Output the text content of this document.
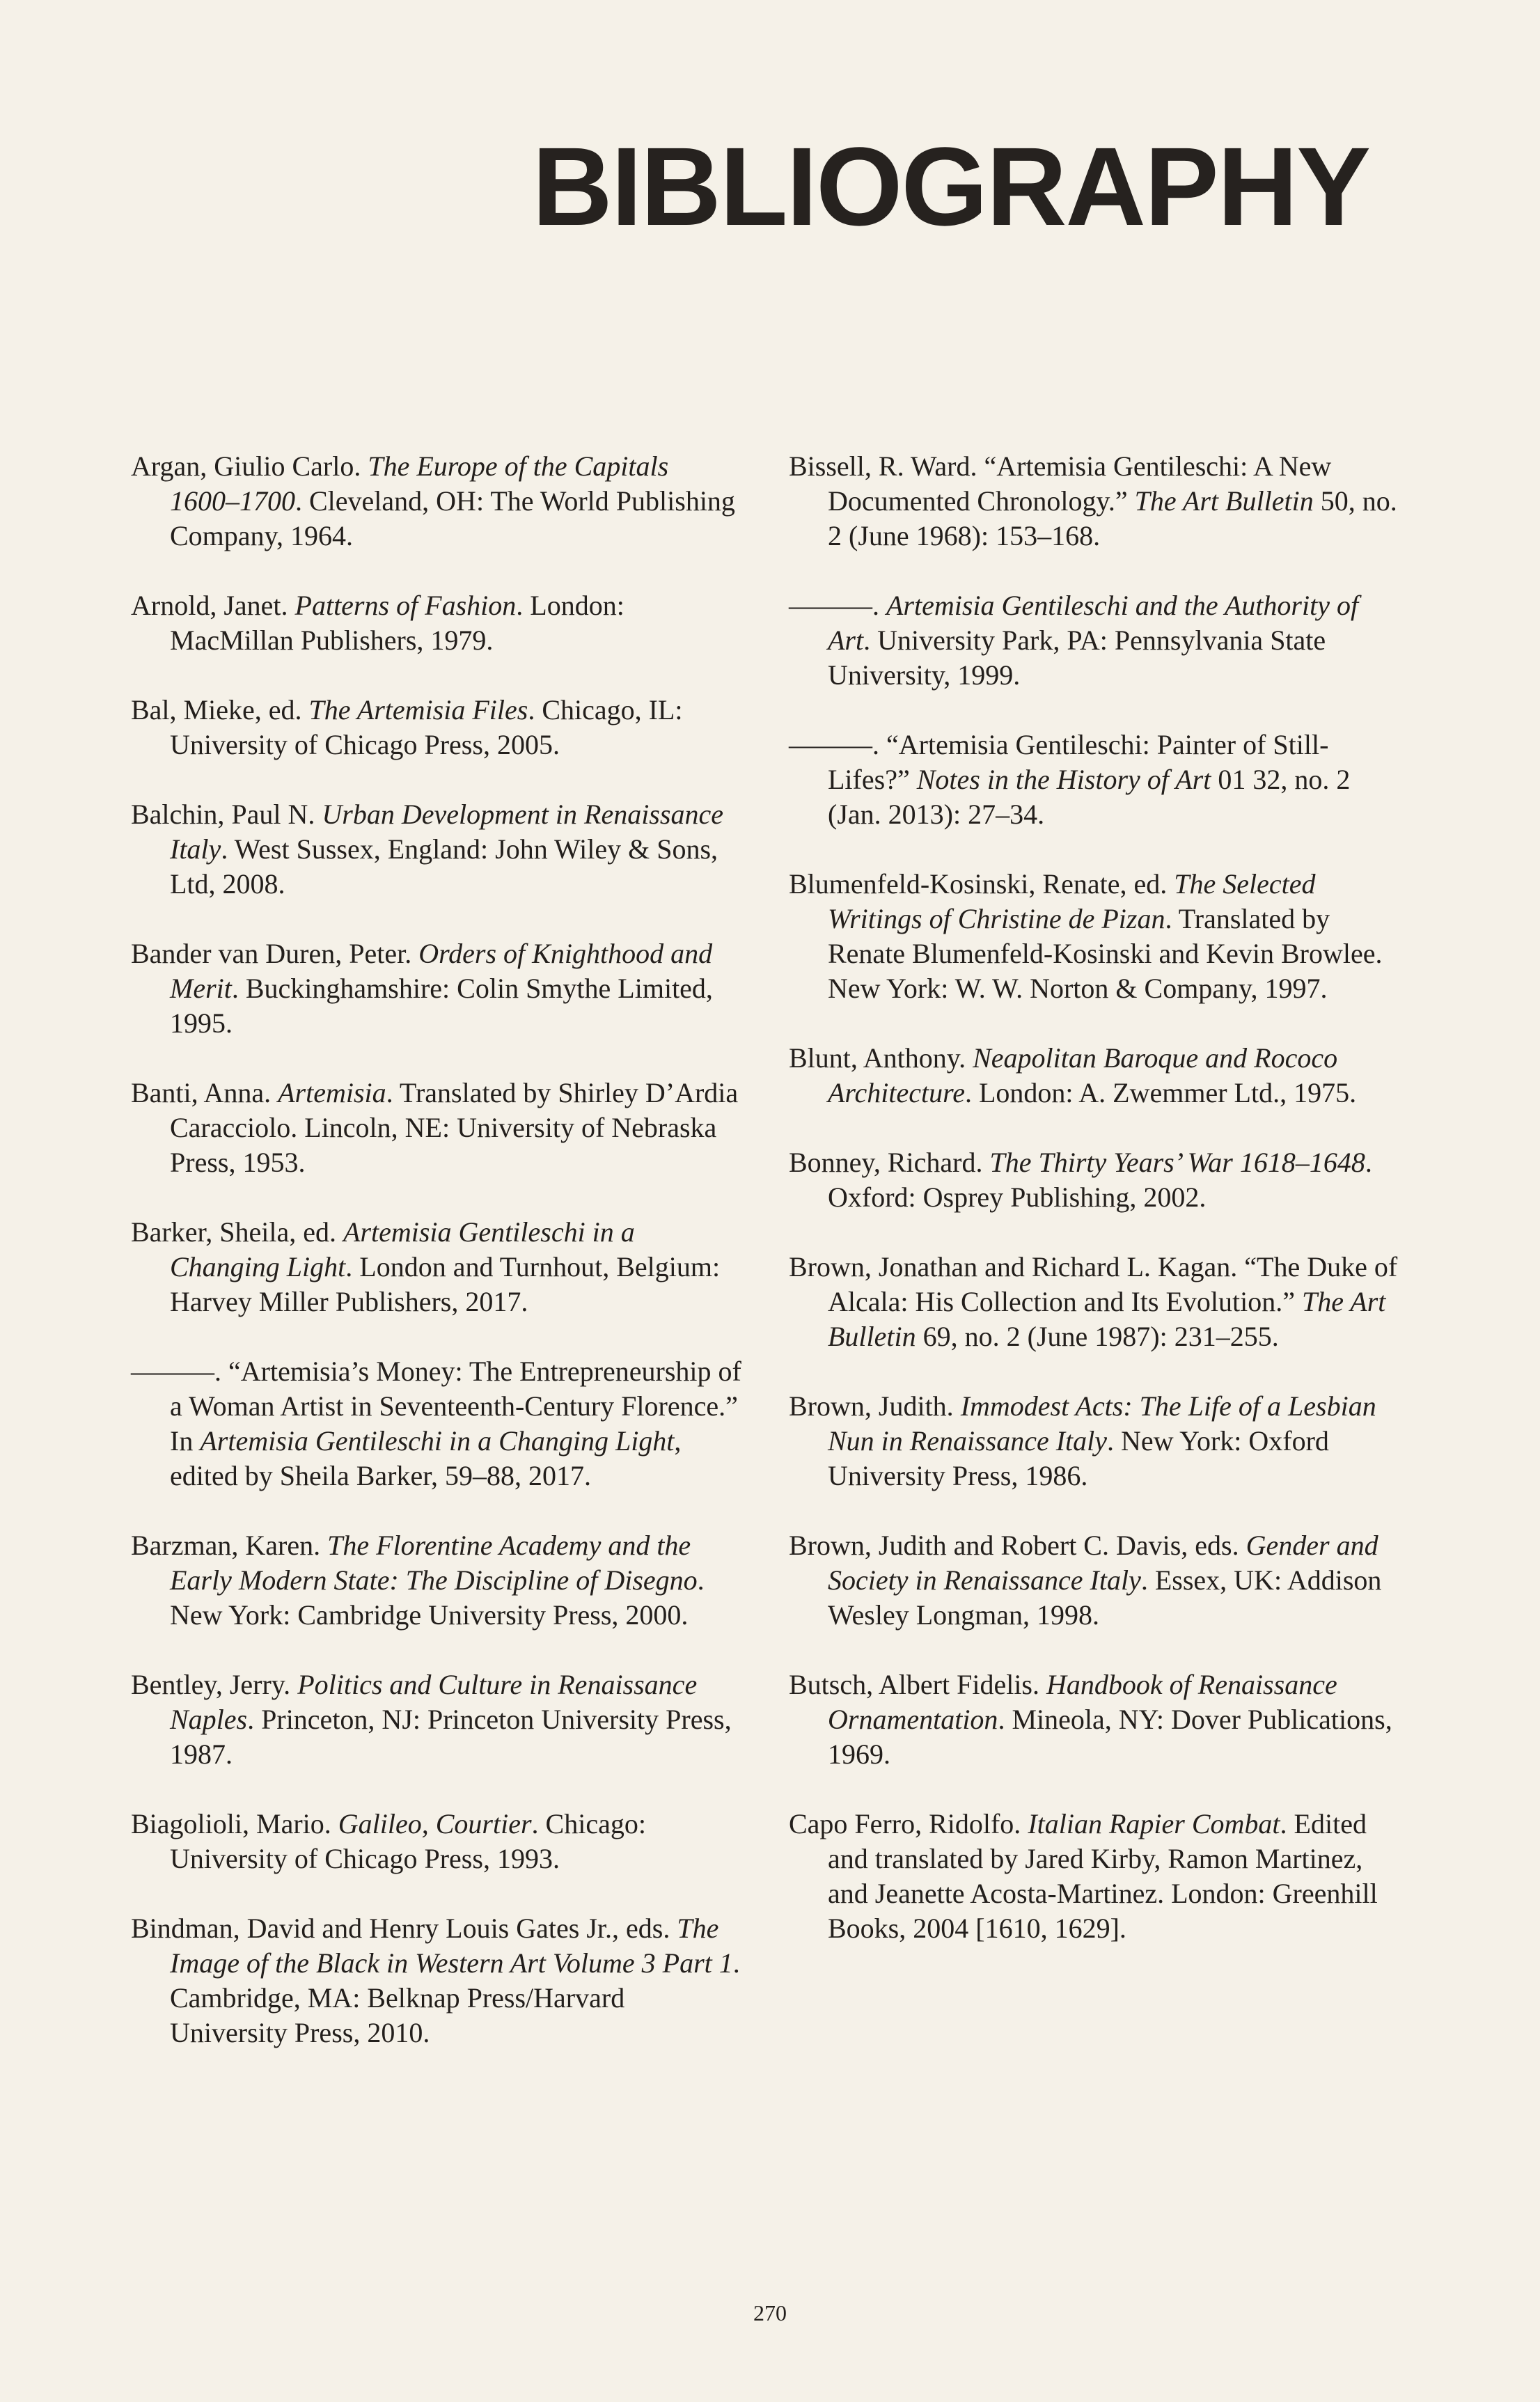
BIBLIOGRAPHY

Argan, Giulio Carlo. The Europe of the Capitals 1600–1700. Cleveland, OH: The World Publishing Company, 1964.

Arnold, Janet. Patterns of Fashion. London: MacMillan Publishers, 1979.

Bal, Mieke, ed. The Artemisia Files. Chicago, IL: University of Chicago Press, 2005.

Balchin, Paul N. Urban Development in Renaissance Italy. West Sussex, England: John Wiley & Sons, Ltd, 2008.

Bander van Duren, Peter. Orders of Knighthood and Merit. Buckinghamshire: Colin Smythe Limited, 1995.

Banti, Anna. Artemisia. Translated by Shirley D’Ardia Caracciolo. Lincoln, NE: University of Nebraska Press, 1953.

Barker, Sheila, ed. Artemisia Gentileschi in a Changing Light. London and Turnhout, Belgium: Harvey Miller Publishers, 2017.

———. “Artemisia’s Money: The Entrepreneurship of a Woman Artist in Seventeenth-Century Florence.” In Artemisia Gentileschi in a Changing Light, edited by Sheila Barker, 59–88, 2017.

Barzman, Karen. The Florentine Academy and the Early Modern State: The Discipline of Disegno. New York: Cambridge University Press, 2000.

Bentley, Jerry. Politics and Culture in Renaissance Naples. Princeton, NJ: Princeton University Press, 1987.

Biagolioli, Mario. Galileo, Courtier. Chicago: University of Chicago Press, 1993.

Bindman, David and Henry Louis Gates Jr., eds. The Image of the Black in Western Art Volume 3 Part 1. Cambridge, MA: Belknap Press/Harvard University Press, 2010.

Bissell, R. Ward. “Artemisia Gentileschi: A New Documented Chronology.” The Art Bulletin 50, no. 2 (June 1968): 153–168.

———. Artemisia Gentileschi and the Authority of Art. University Park, PA: Pennsylvania State University, 1999.

———. “Artemisia Gentileschi: Painter of Still-Lifes?” Notes in the History of Art 01 32, no. 2 (Jan. 2013): 27–34.

Blumenfeld-Kosinski, Renate, ed. The Selected Writings of Christine de Pizan. Translated by Renate Blumenfeld-Kosinski and Kevin Browlee. New York: W. W. Norton & Company, 1997.

Blunt, Anthony. Neapolitan Baroque and Rococo Architecture. London: A. Zwemmer Ltd., 1975.

Bonney, Richard. The Thirty Years’ War 1618–1648. Oxford: Osprey Publishing, 2002.

Brown, Jonathan and Richard L. Kagan. “The Duke of Alcala: His Collection and Its Evolution.” The Art Bulletin 69, no. 2 (June 1987): 231–255.

Brown, Judith. Immodest Acts: The Life of a Lesbian Nun in Renaissance Italy. New York: Oxford University Press, 1986.

Brown, Judith and Robert C. Davis, eds. Gender and Society in Renaissance Italy. Essex, UK: Addison Wesley Longman, 1998.

Butsch, Albert Fidelis. Handbook of Renaissance Ornamentation. Mineola, NY: Dover Publications, 1969.

Capo Ferro, Ridolfo. Italian Rapier Combat. Edited and translated by Jared Kirby, Ramon Martinez, and Jeanette Acosta-Martinez. London: Greenhill Books, 2004 [1610, 1629].

270
